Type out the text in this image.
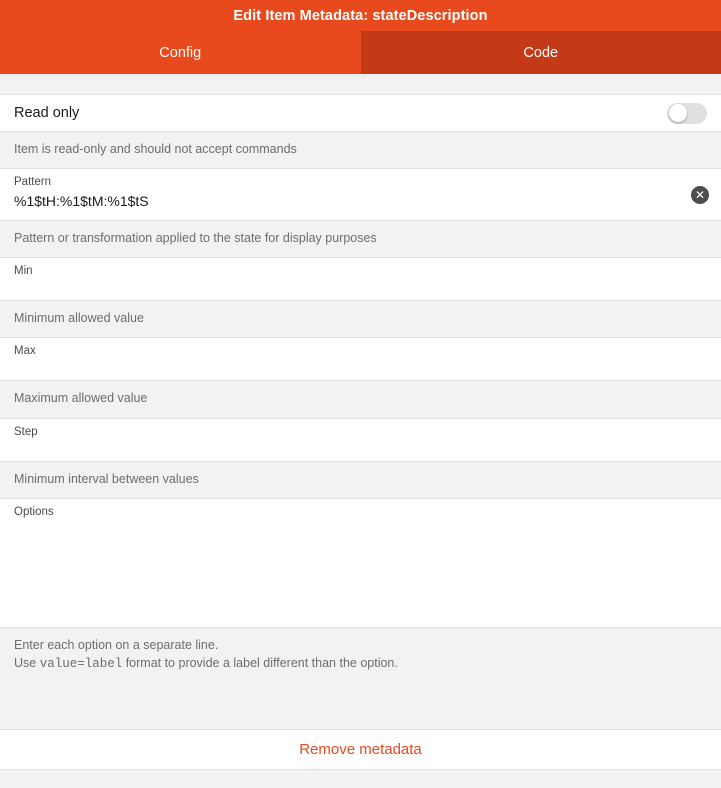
Edit Item Metadata: stateDescription
Config	Code
Read only
Item is read-only and should not accept commands
Pattern
%1$tH:%1$tM:%1$tS
✕
Pattern or transformation applied to the state for display purposes
Min
Minimum allowed value
Max
Maximum allowed value
Step
Minimum interval between values
Options
Enter each option on a separate line.
Use value=label format to provide a label different than the option.
Remove metadata
